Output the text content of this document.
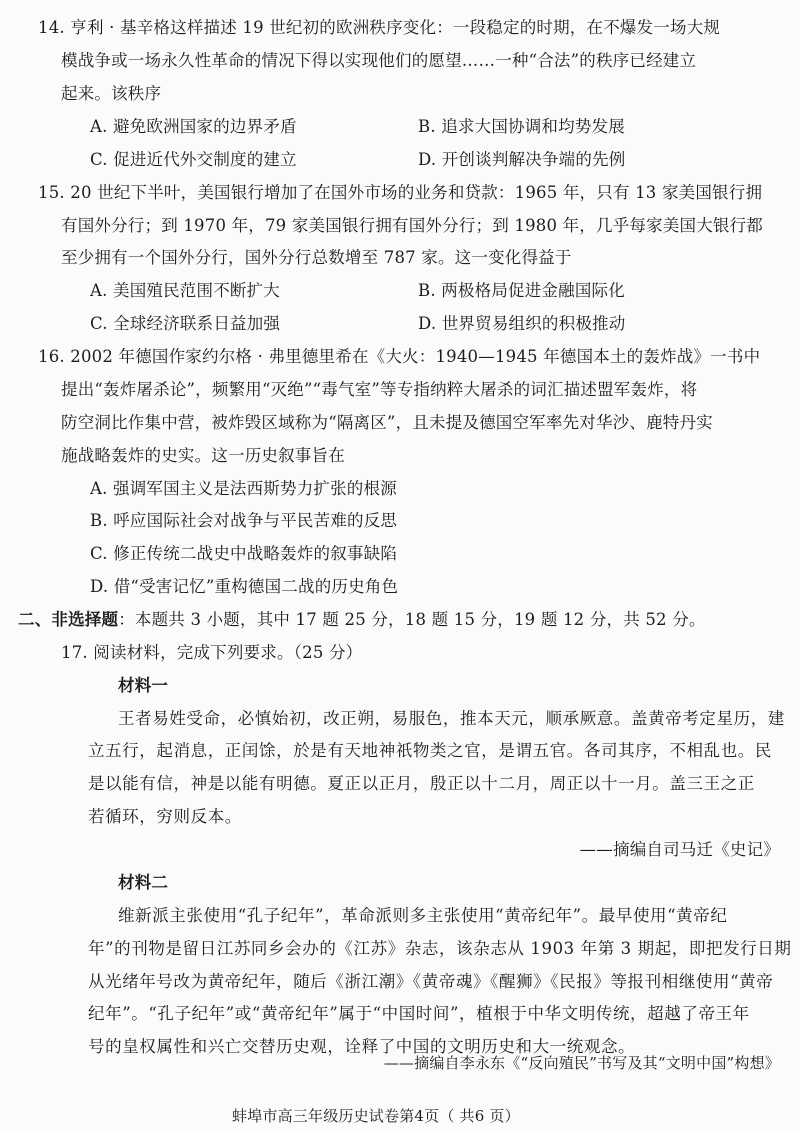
14. 亨利 · 基辛格这样描述 19 世纪初的欧洲秩序变化：一段稳定的时期，在不爆发一场大规
模战争或一场永久性革命的情况下得以实现他们的愿望……一种“合法”的秩序已经建立
起来。该秩序
A. 避免欧洲国家的边界矛盾	B. 追求大国协调和均势发展
C. 促进近代外交制度的建立	D. 开创谈判解决争端的先例
15. 20 世纪下半叶，美国银行增加了在国外市场的业务和贷款：1965 年，只有 13 家美国银行拥
有国外分行；到 1970 年，79 家美国银行拥有国外分行；到 1980 年，几乎每家美国大银行都
至少拥有一个国外分行，国外分行总数增至 787 家。这一变化得益于
A. 美国殖民范围不断扩大	B. 两极格局促进金融国际化
C. 全球经济联系日益加强	D. 世界贸易组织的积极推动
16. 2002 年德国作家约尔格 · 弗里德里希在《大火：1940—1945 年德国本土的轰炸战》一书中
提出“轰炸屠杀论”，频繁用“灭绝”“毒气室”等专指纳粹大屠杀的词汇描述盟军轰炸，将
防空洞比作集中营，被炸毁区域称为“隔离区”，且未提及德国空军率先对华沙、鹿特丹实
施战略轰炸的史实。这一历史叙事旨在
A. 强调军国主义是法西斯势力扩张的根源
B. 呼应国际社会对战争与平民苦难的反思
C. 修正传统二战史中战略轰炸的叙事缺陷
D. 借“受害记忆”重构德国二战的历史角色
二、非选择题：本题共 3 小题，其中 17 题 25 分，18 题 15 分，19 题 12 分，共 52 分。
17. 阅读材料，完成下列要求。（25 分）
材料一
王者易姓受命，必慎始初，改正朔，易服色，推本天元，顺承厥意。盖黄帝考定星历，建
立五行，起消息，正闰馀，於是有天地神祇物类之官，是谓五官。各司其序，不相乱也。民
是以能有信，神是以能有明德。夏正以正月，殷正以十二月，周正以十一月。盖三王之正
若循环，穷则反本。
——摘编自司马迁《史记》
材料二
维新派主张使用“孔子纪年”，革命派则多主张使用“黄帝纪年”。最早使用“黄帝纪
年”的刊物是留日江苏同乡会办的《江苏》杂志，该杂志从 1903 年第 3 期起，即把发行日期
从光绪年号改为黄帝纪年，随后《浙江潮》《黄帝魂》《醒狮》《民报》等报刊相继使用“黄帝
纪年”。“孔子纪年”或“黄帝纪年”属于“中国时间”，植根于中华文明传统，超越了帝王年
号的皇权属性和兴亡交替历史观，诠释了中国的文明历史和大一统观念。
——摘编自李永东《“反向殖民”书写及其“文明中国”构想》
蚌埠市高三年级历史试卷第4页（ 共6 页）
